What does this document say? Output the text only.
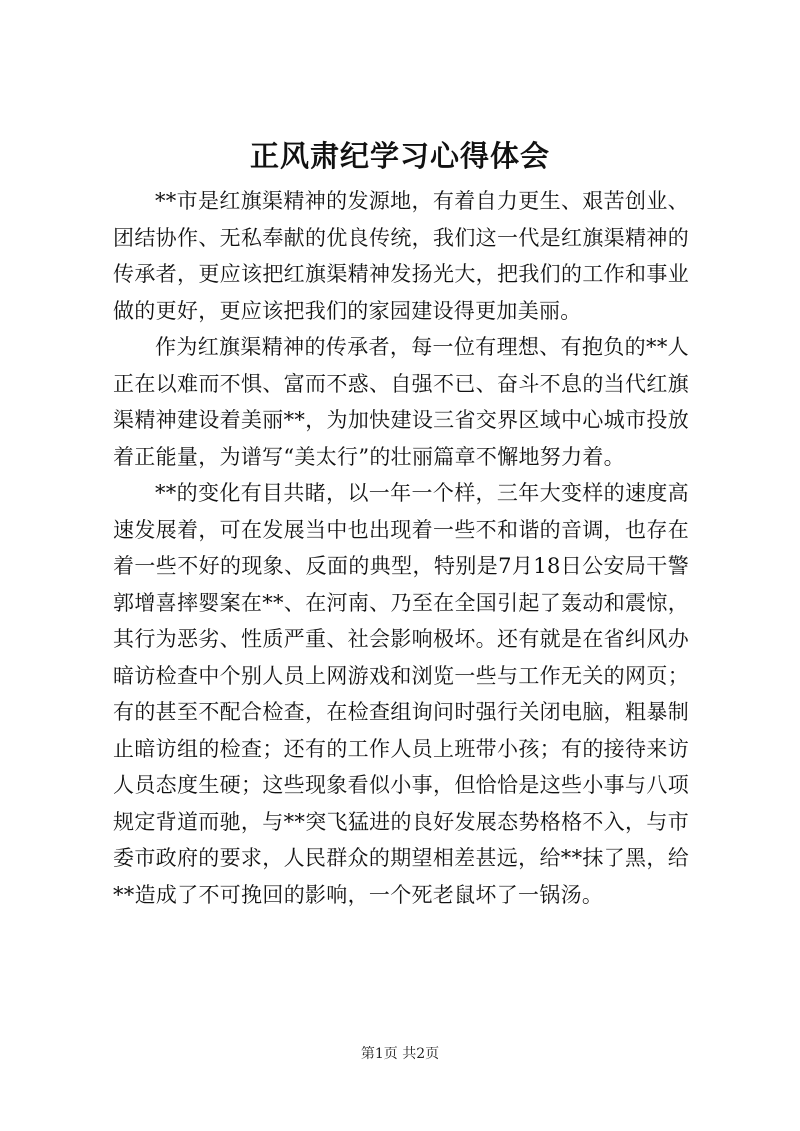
正风肃纪学习心得体会

**市是红旗渠精神的发源地，有着自力更生、艰苦创业、团结协作、无私奉献的优良传统，我们这一代是红旗渠精神的传承者，更应该把红旗渠精神发扬光大，把我们的工作和事业做的更好，更应该把我们的家园建设得更加美丽。

作为红旗渠精神的传承者，每一位有理想、有抱负的**人正在以难而不惧、富而不惑、自强不已、奋斗不息的当代红旗渠精神建设着美丽**，为加快建设三省交界区域中心城市投放着正能量，为谱写“美太行”的壮丽篇章不懈地努力着。

**的变化有目共睹，以一年一个样，三年大变样的速度高速发展着，可在发展当中也出现着一些不和谐的音调，也存在着一些不好的现象、反面的典型，特别是7月18日公安局干警郭增喜摔婴案在**、在河南、乃至在全国引起了轰动和震惊，其行为恶劣、性质严重、社会影响极坏。还有就是在省纠风办暗访检查中个别人员上网游戏和浏览一些与工作无关的网页；有的甚至不配合检查，在检查组询问时强行关闭电脑，粗暴制止暗访组的检查；还有的工作人员上班带小孩；有的接待来访人员态度生硬；这些现象看似小事，但恰恰是这些小事与八项规定背道而驰，与**突飞猛进的良好发展态势格格不入，与市委市政府的要求，人民群众的期望相差甚远，给**抹了黑，给**造成了不可挽回的影响，一个死老鼠坏了一锅汤。

第1页 共2页
